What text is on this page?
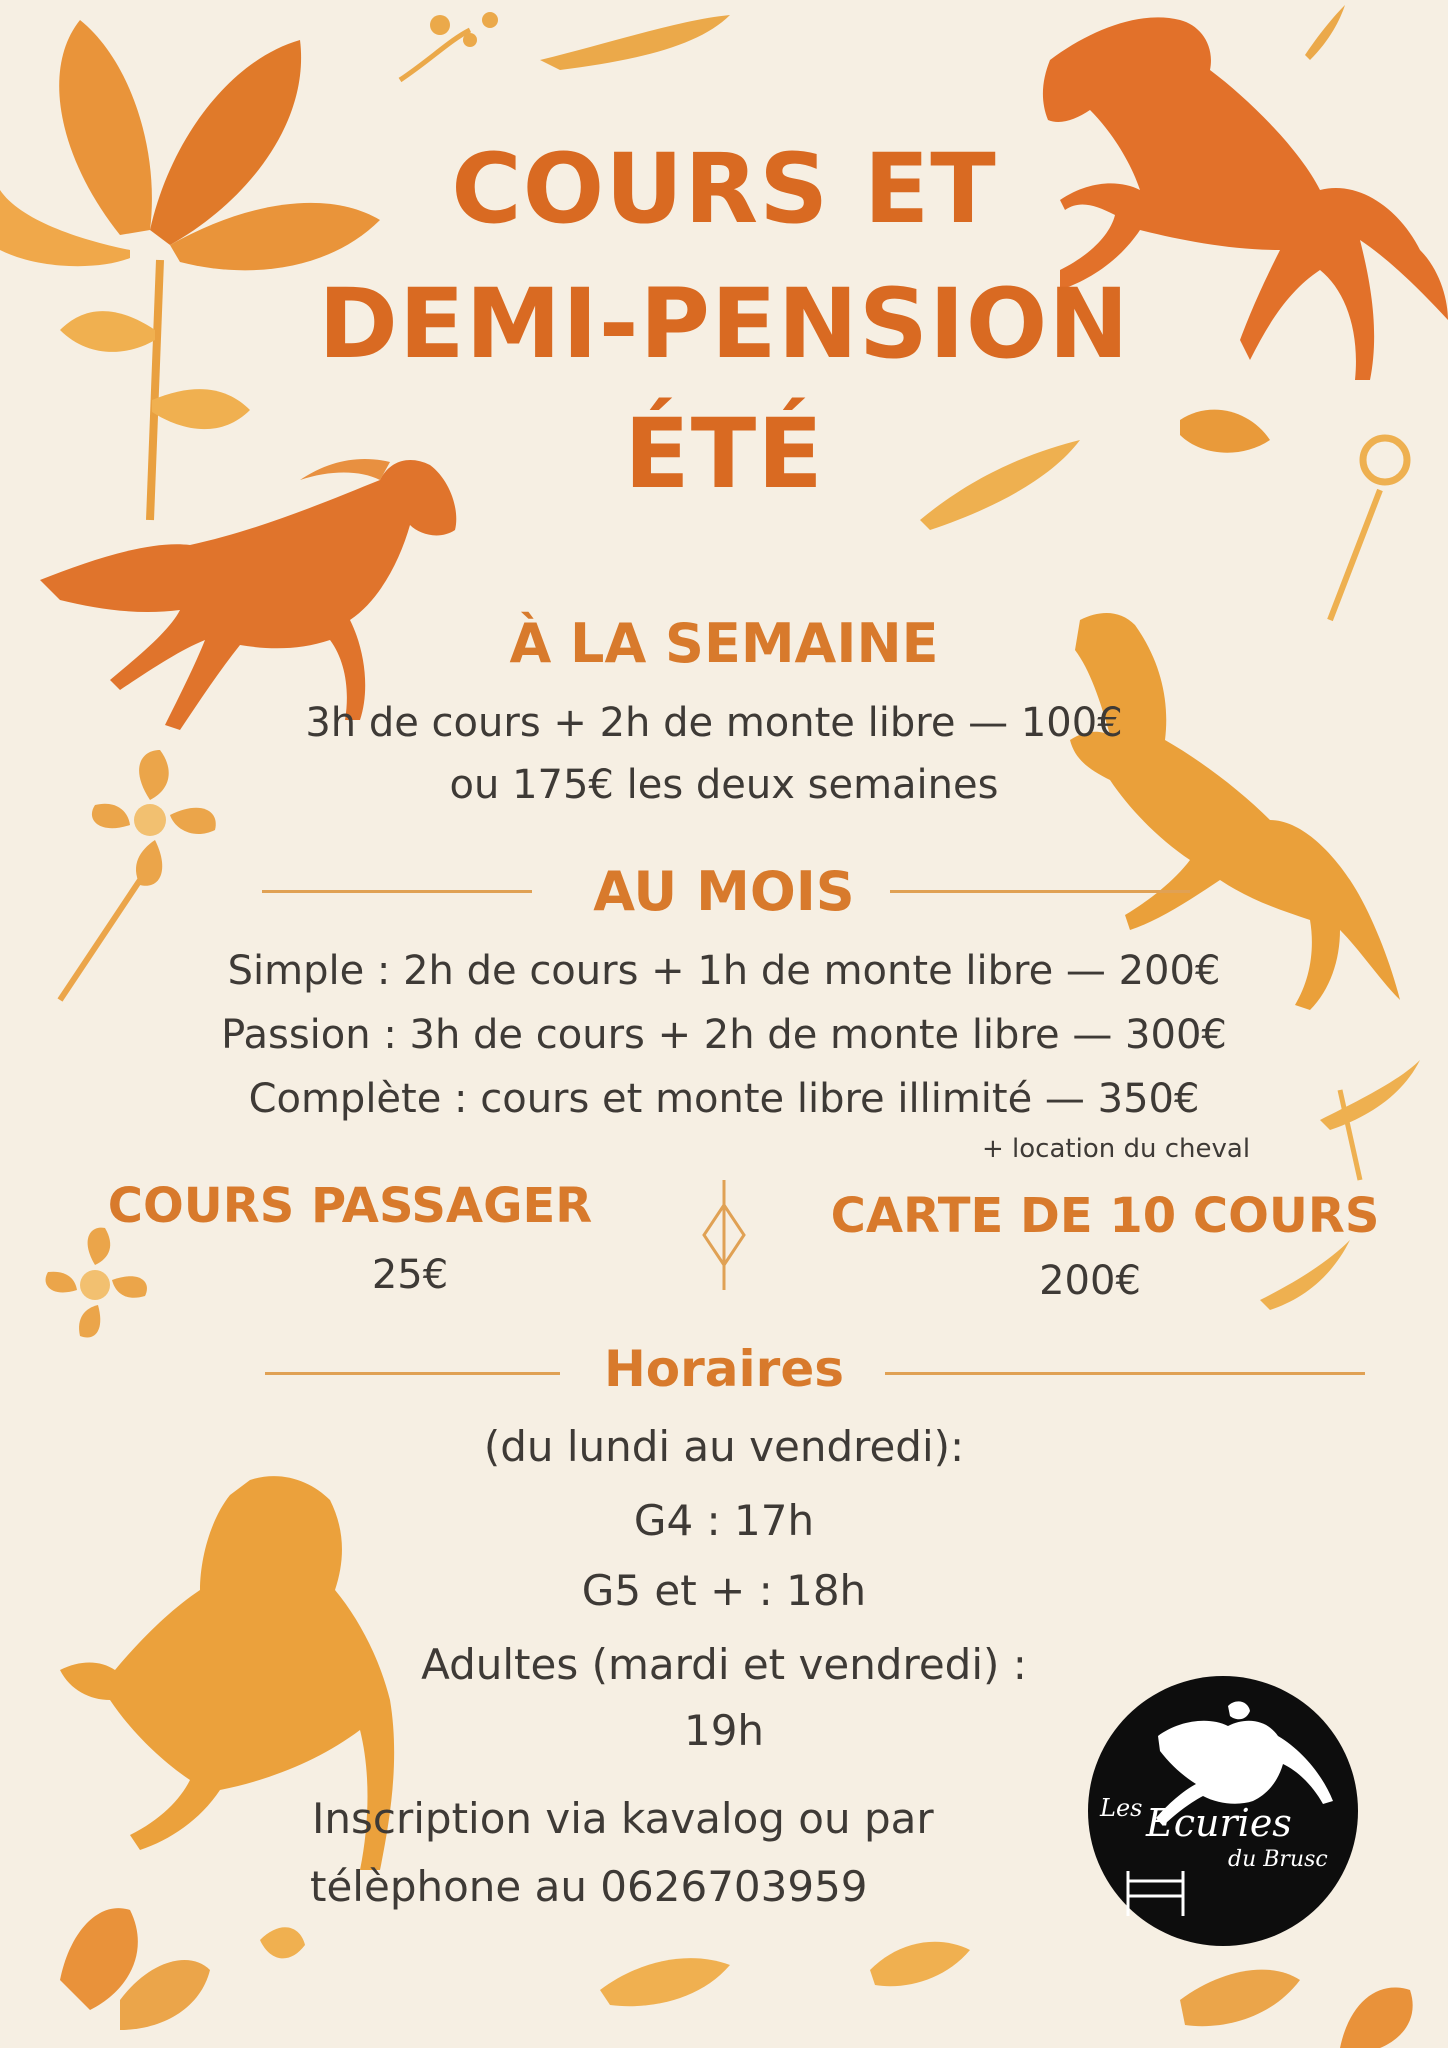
COURS ET
DEMI-PENSION
ÉTÉ
À LA SEMAINE
3h de cours + 2h de monte libre — 100€
ou 175€ les deux semaines
AU MOIS
Simple : 2h de cours + 1h de monte libre — 200€
Passion : 3h de cours + 2h de monte libre — 300€
Complète : cours et monte libre illimité — 350€
+ location du cheval
COURS PASSAGER
25€
CARTE DE 10 COURS
200€
Horaires
(du lundi au vendredi):
G4 : 17h
G5 et + : 18h
Adultes (mardi et vendredi) :
19h
Inscription via kavalog ou par
télèphone au 0626703959
Les Ecuries
du Brusc
